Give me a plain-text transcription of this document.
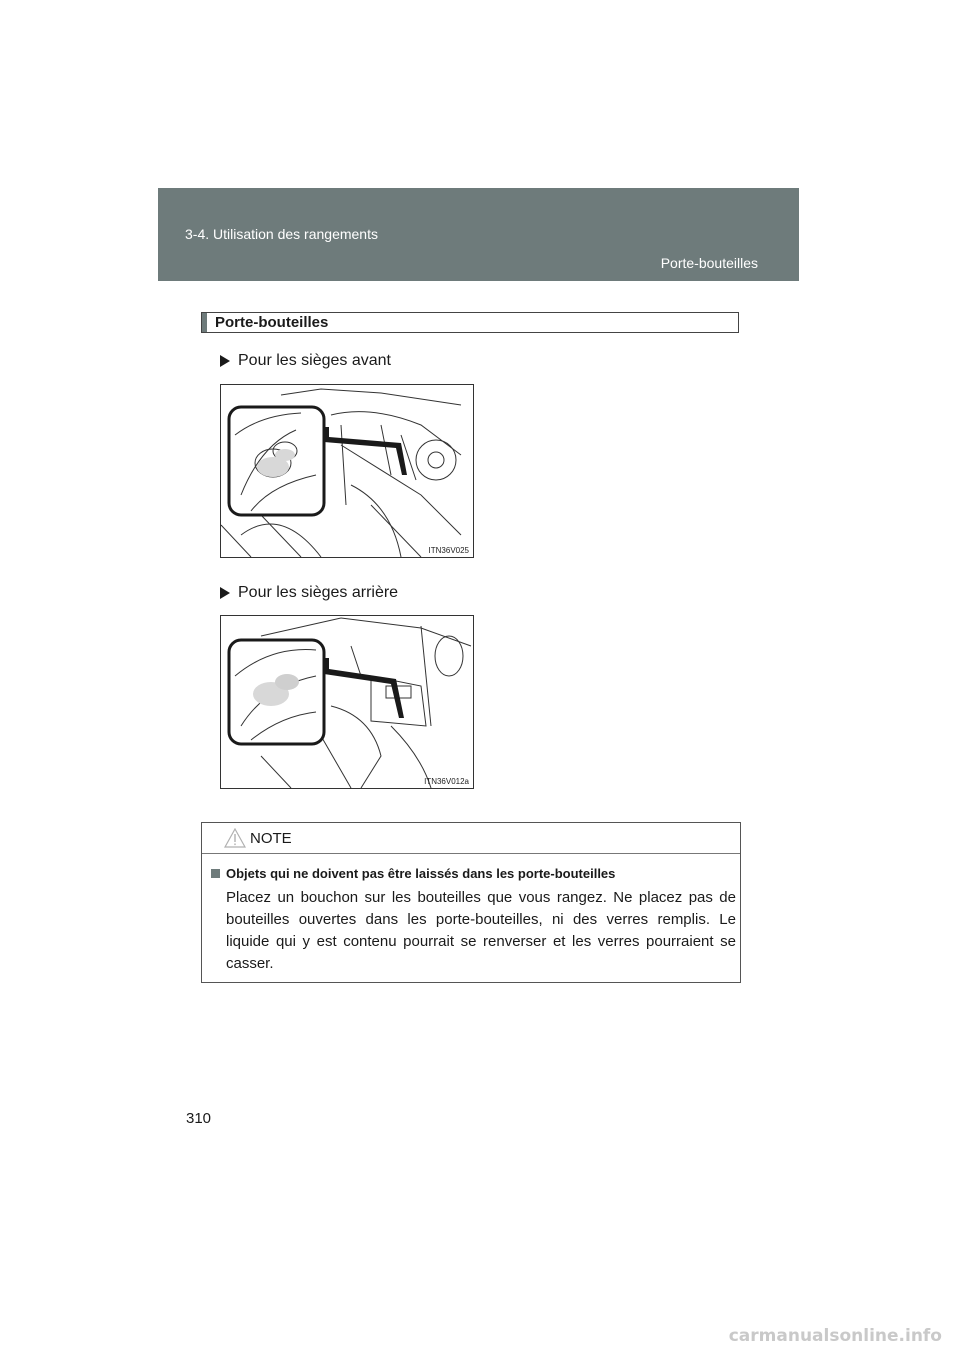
3-4. Utilisation des rangements
Porte-bouteilles
Porte-bouteilles
Pour les sièges avant
ITN36V025
Pour les sièges arrière
ITN36V012a
NOTE
Objets qui ne doivent pas être laissés dans les porte-bouteilles
Placez un bouchon sur les bouteilles que vous rangez. Ne placez pas de bouteilles ouvertes dans les porte-bouteilles, ni des verres remplis. Le liquide qui y est contenu pourrait se renverser et les verres pourraient se casser.
310
carmanualsonline.info
